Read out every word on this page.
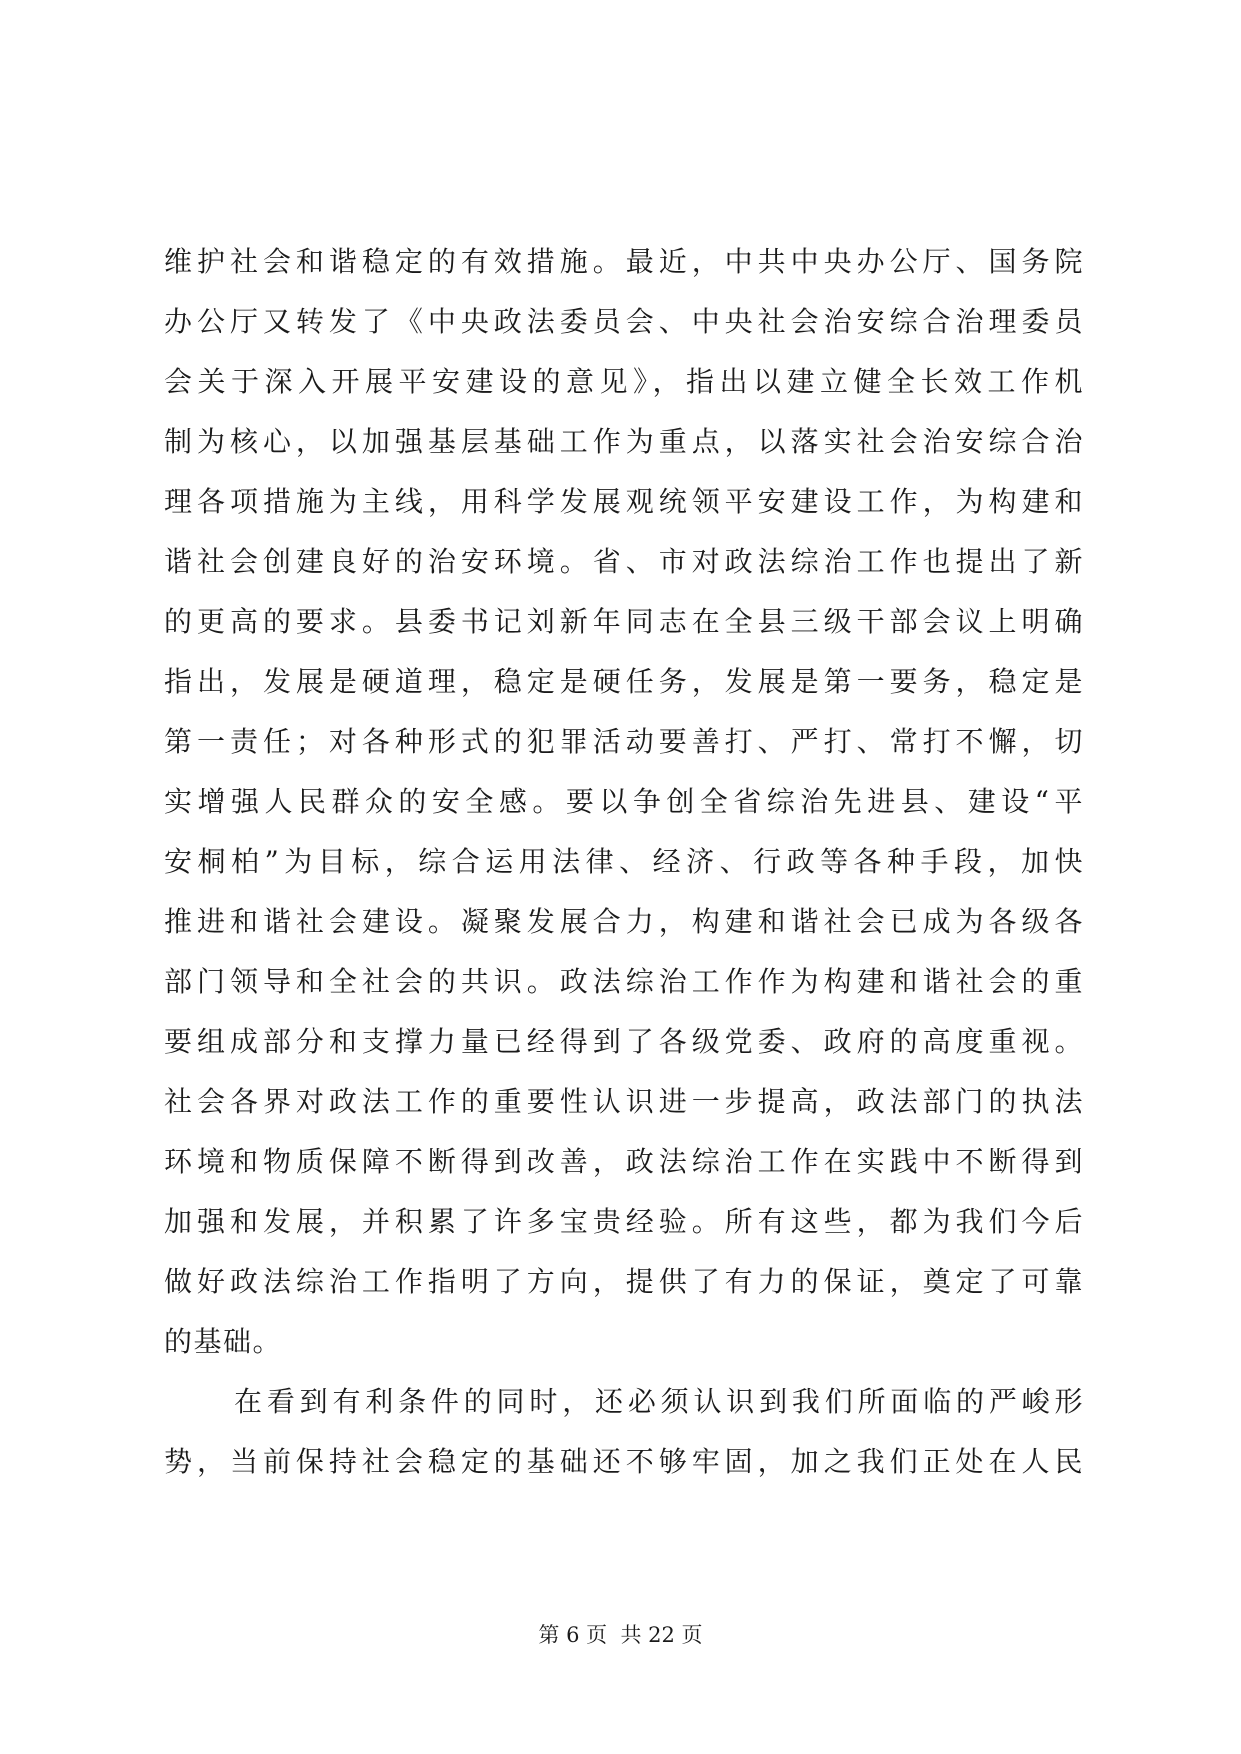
维护社会和谐稳定的有效措施。最近，中共中央办公厅、国务院
办公厅又转发了《中央政法委员会、中央社会治安综合治理委员
会关于深入开展平安建设的意见》，指出以建立健全长效工作机
制为核心，以加强基层基础工作为重点，以落实社会治安综合治
理各项措施为主线，用科学发展观统领平安建设工作，为构建和
谐社会创建良好的治安环境。省、市对政法综治工作也提出了新
的更高的要求。县委书记刘新年同志在全县三级干部会议上明确
指出，发展是硬道理，稳定是硬任务，发展是第一要务，稳定是
第一责任；对各种形式的犯罪活动要善打、严打、常打不懈，切
实增强人民群众的安全感。要以争创全省综治先进县、建设“平
安桐柏”为目标，综合运用法律、经济、行政等各种手段，加快
推进和谐社会建设。凝聚发展合力，构建和谐社会已成为各级各
部门领导和全社会的共识。政法综治工作作为构建和谐社会的重
要组成部分和支撑力量已经得到了各级党委、政府的高度重视。
社会各界对政法工作的重要性认识进一步提高，政法部门的执法
环境和物质保障不断得到改善，政法综治工作在实践中不断得到
加强和发展，并积累了许多宝贵经验。所有这些，都为我们今后
做好政法综治工作指明了方向，提供了有力的保证，奠定了可靠
的基础。
在看到有利条件的同时，还必须认识到我们所面临的严峻形
势，当前保持社会稳定的基础还不够牢固，加之我们正处在人民
第 6 页  共 22 页
